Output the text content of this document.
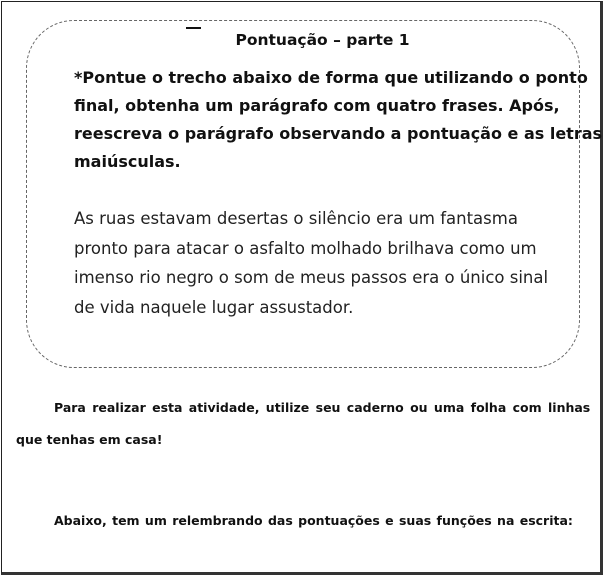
Pontuação – parte 1
*Pontue o trecho abaixo de forma que utilizando o ponto
final, obtenha um parágrafo com quatro frases. Após,
reescreva o parágrafo observando a pontuação e as letras
maiúsculas.
As ruas estavam desertas o silêncio era um fantasma
pronto para atacar o asfalto molhado brilhava como um
imenso rio negro o som de meus passos era o único sinal
de vida naquele lugar assustador.
Para realizar esta atividade, utilize seu caderno ou uma folha com linhas
que tenhas em casa!
Abaixo, tem um relembrando das pontuações e suas funções na escrita:
